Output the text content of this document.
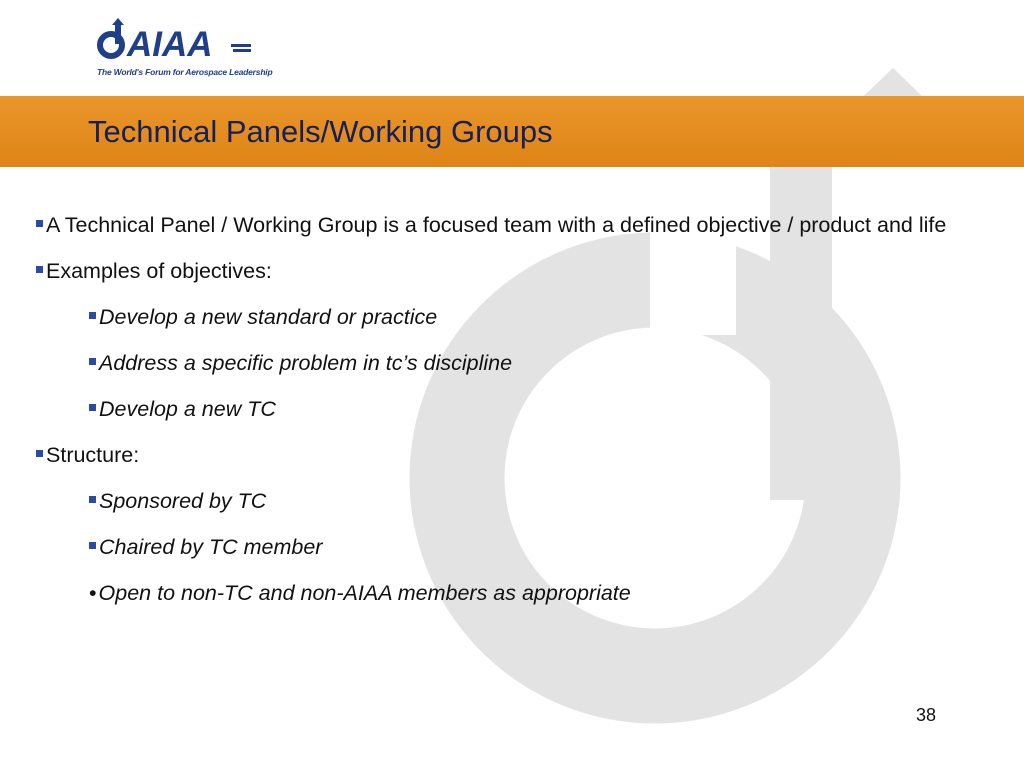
AIAA
The World's Forum for Aerospace Leadership
Technical Panels/Working Groups
A Technical Panel / Working Group is a focused team with a defined objective / product and life
Examples of objectives:
Develop a new standard or practice
Address a specific problem in tc’s discipline
Develop a new TC
Structure:
Sponsored by TC
Chaired by TC member
•Open to non-TC and non-AIAA members as appropriate
38
